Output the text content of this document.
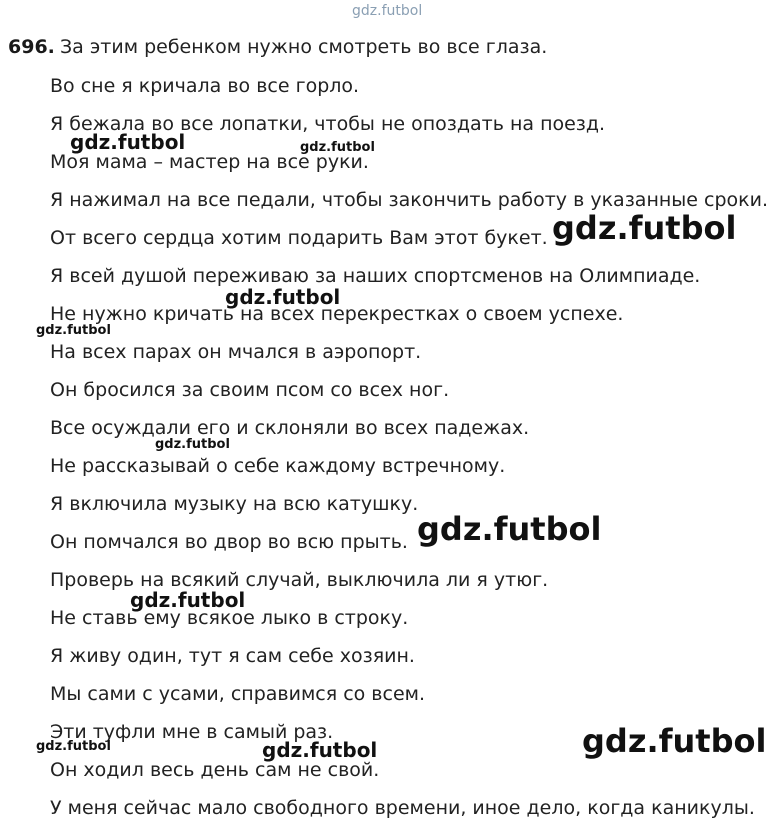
gdz.futbol
696. За этим ребенком нужно смотреть во все глаза.
Во сне я кричала во все горло.
Я бежала во все лопатки, чтобы не опоздать на поезд.
Моя мама – мастер на все руки.
Я нажимал на все педали, чтобы закончить работу в указанные сроки.
От всего сердца хотим подарить Вам этот букет.
Я всей душой переживаю за наших спортсменов на Олимпиаде.
Не нужно кричать на всех перекрестках о своем успехе.
На всех парах он мчался в аэропорт.
Он бросился за своим псом со всех ног.
Все осуждали его и склоняли во всех падежах.
Не рассказывай о себе каждому встречному.
Я включила музыку на всю катушку.
Он помчался во двор во всю прыть.
Проверь на всякий случай, выключила ли я утюг.
Не ставь ему всякое лыко в строку.
Я живу один, тут я сам себе хозяин.
Мы сами с усами, справимся со всем.
Эти туфли мне в самый раз.
Он ходил весь день сам не свой.
У меня сейчас мало свободного времени, иное дело, когда каникулы.
gdz.futbol	gdz.futbol
gdz.futbol
gdz.futbol
gdz.futbol
gdz.futbol
gdz.futbol
gdz.futbol
gdz.futbol
gdz.futbol	gdz.futbol
